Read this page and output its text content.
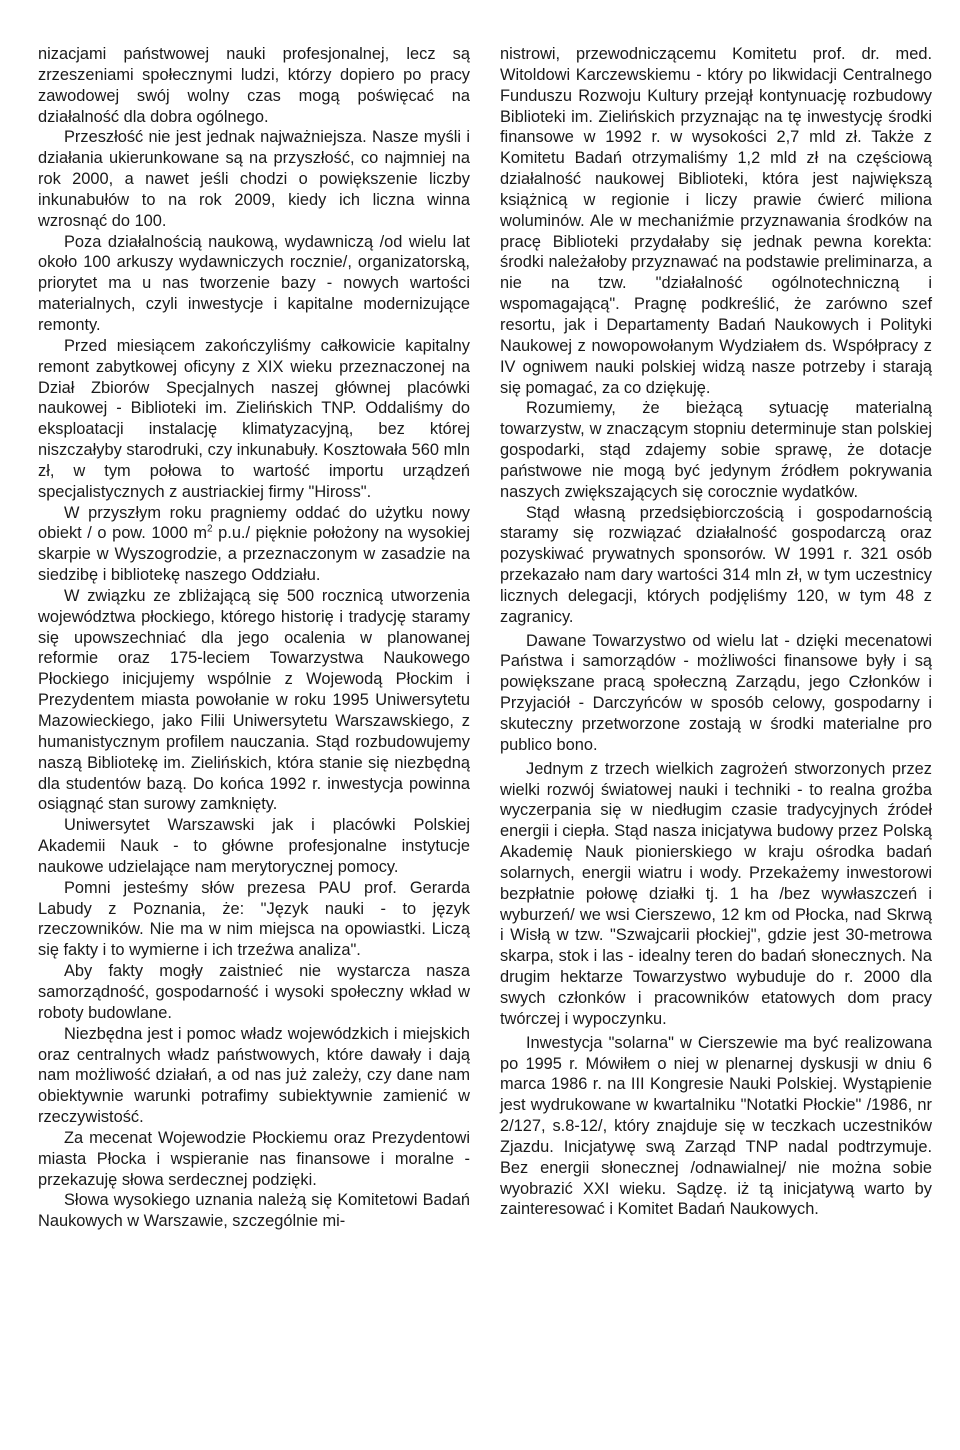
nizacjami państwowej nauki profesjonalnej, lecz są zrzeszeniami społecznymi ludzi, którzy dopiero po pracy zawodowej swój wolny czas mogą poświęcać na działalność dla dobra ogólnego.

Przeszłość nie jest jednak najważniejsza. Nasze myśli i działania ukierunkowane są na przyszłość, co najmniej na rok 2000, a nawet jeśli chodzi o powiększenie liczby inkunabułów to na rok 2009, kiedy ich liczna winna wzrosnąć do 100.

Poza działalnością naukową, wydawniczą /od wielu lat około 100 arkuszy wydawniczych rocznie/, organizatorską, priorytet ma u nas tworzenie bazy - nowych wartości materialnych, czyli inwestycje i kapitalne modernizujące remonty.

Przed miesiącem zakończyliśmy całkowicie kapitalny remont zabytkowej oficyny z XIX wieku przeznaczonej na Dział Zbiorów Specjalnych naszej głównej placówki naukowej - Biblioteki im. Zielińskich TNP. Oddaliśmy do eksploatacji instalację klimatyzacyjną, bez której niszczałyby starodruki, czy inkunabuły. Kosztowała 560 mln zł, w tym połowa to wartość importu urządzeń specjalistycznych z austriackiej firmy "Hiross".

W przyszłym roku pragniemy oddać do użytku nowy obiekt / o pow. 1000 $m^2$ p.u./ pięknie położony na wysokiej skarpie w Wyszogrodzie, a przeznaczonym w zasadzie na siedzibę i bibliotekę naszego Oddziału.

W związku ze zbliżającą się 500 rocznicą utworzenia województwa płockiego, którego historię i tradycję staramy się upowszechniać dla jego ocalenia w planowanej reformie oraz 175-leciem Towarzystwa Naukowego Płockiego inicjujemy wspólnie z Wojewodą Płockim i Prezydentem miasta powołanie w roku 1995 Uniwersytetu Mazowieckiego, jako Filii Uniwersytetu Warszawskiego, z humanistycznym profilem nauczania. Stąd rozbudowujemy naszą Bibliotekę im. Zielińskich, która stanie się niezbędną dla studentów bazą. Do końca 1992 r. inwestycja powinna osiągnąć stan surowy zamknięty.

Uniwersytet Warszawski jak i placówki Polskiej Akademii Nauk - to główne profesjonalne instytucje naukowe udzielające nam merytorycznej pomocy.

Pomni jesteśmy słów prezesa PAU prof. Gerarda Labudy z Poznania, że: "Język nauki - to język rzeczowników. Nie ma w nim miejsca na opowiastki. Liczą się fakty i to wymierne i ich trzeźwa analiza".

Aby fakty mogły zaistnieć nie wystarcza nasza samorządność, gospodarność i wysoki społeczny wkład w roboty budowlane.

Niezbędna jest i pomoc władz wojewódzkich i miejskich oraz centralnych władz państwowych, które dawały i dają nam możliwość działań, a od nas już zależy, czy dane nam obiektywnie warunki potrafimy subiektywnie zamienić w rzeczywistość.

Za mecenat Wojewodzie Płockiemu oraz Prezydentowi miasta Płocka i wspieranie nas finansowe i moralne - przekazuję słowa serdecznej podzięki.

Słowa wysokiego uznania należą się Komitetowi Badań Naukowych w Warszawie, szczególnie mi-

nistrowi, przewodniczącemu Komitetu prof. dr. med. Witoldowi Karczewskiemu - który po likwidacji Centralnego Funduszu Rozwoju Kultury przejął kontynuację rozbudowy Biblioteki im. Zielińskich przyznając na tę inwestycję środki finansowe w 1992 r. w wysokości 2,7 mld zł. Także z Komitetu Badań otrzymaliśmy 1,2 mld zł na częściową działalność naukowej Biblioteki, która jest największą książnicą w regionie i liczy prawie ćwierć miliona woluminów. Ale w mechaniźmie przyznawania środków na pracę Biblioteki przydałaby się jednak pewna korekta: środki należałoby przyznawać na podstawie preliminarza, a nie na tzw. "działalność ogólnotechniczną i wspomagającą". Pragnę podkreślić, że zarówno szef resortu, jak i Departamenty Badań Naukowych i Polityki Naukowej z nowopowołanym Wydziałem ds. Współpracy z IV ogniwem nauki polskiej widzą nasze potrzeby i starają się pomagać, za co dziękuję.

Rozumiemy, że bieżącą sytuację materialną towarzystw, w znaczącym stopniu determinuje stan polskiej gospodarki, stąd zdajemy sobie sprawę, że dotacje państwowe nie mogą być jedynym źródłem pokrywania naszych zwiększających się corocznie wydatków.

Stąd własną przedsiębiorczością i gospodarnością staramy się rozwiązać działalność gospodarczą oraz pozyskiwać prywatnych sponsorów. W 1991 r. 321 osób przekazało nam dary wartości 314 mln zł, w tym uczestnicy licznych delegacji, których podjęliśmy 120, w tym 48 z zagranicy.

Dawane Towarzystwo od wielu lat - dzięki mecenatowi Państwa i samorządów - możliwości finansowe były i są powiększane pracą społeczną Zarządu, jego Członków i Przyjaciół - Darczyńców w sposób celowy, gospodarny i skuteczny przetworzone zostają w środki materialne pro publico bono.

Jednym z trzech wielkich zagrożeń stworzonych przez wielki rozwój światowej nauki i techniki - to realna groźba wyczerpania się w niedługim czasie tradycyjnych źródeł energii i ciepła. Stąd nasza inicjatywa budowy przez Polską Akademię Nauk pionierskiego w kraju ośrodka badań solarnych, energii wiatru i wody. Przekażemy inwestorowi bezpłatnie połowę działki tj. 1 ha /bez wywłaszczeń i wyburzeń/ we wsi Cierszewo, 12 km od Płocka, nad Skrwą i Wisłą w tzw. "Szwajcarii płockiej", gdzie jest 30-metrowa skarpa, stok i las - idealny teren do badań słonecznych. Na drugim hektarze Towarzystwo wybuduje do r. 2000 dla swych członków i pracowników etatowych dom pracy twórczej i wypoczynku.

Inwestycja "solarna" w Cierszewie ma być realizowana po 1995 r. Mówiłem o niej w plenarnej dyskusji w dniu 6 marca 1986 r. na III Kongresie Nauki Polskiej. Wystąpienie jest wydrukowane w kwartalniku "Notatki Płockie" /1986, nr 2/127, s.8-12/, który znajduje się w teczkach uczestników Zjazdu. Inicjatywę swą Zarząd TNP nadal podtrzymuje. Bez energii słonecznej /odnawialnej/ nie można sobie wyobrazić XXI wieku. Sądzę. iż tą inicjatywą warto by zainteresować i Komitet Badań Naukowych.
